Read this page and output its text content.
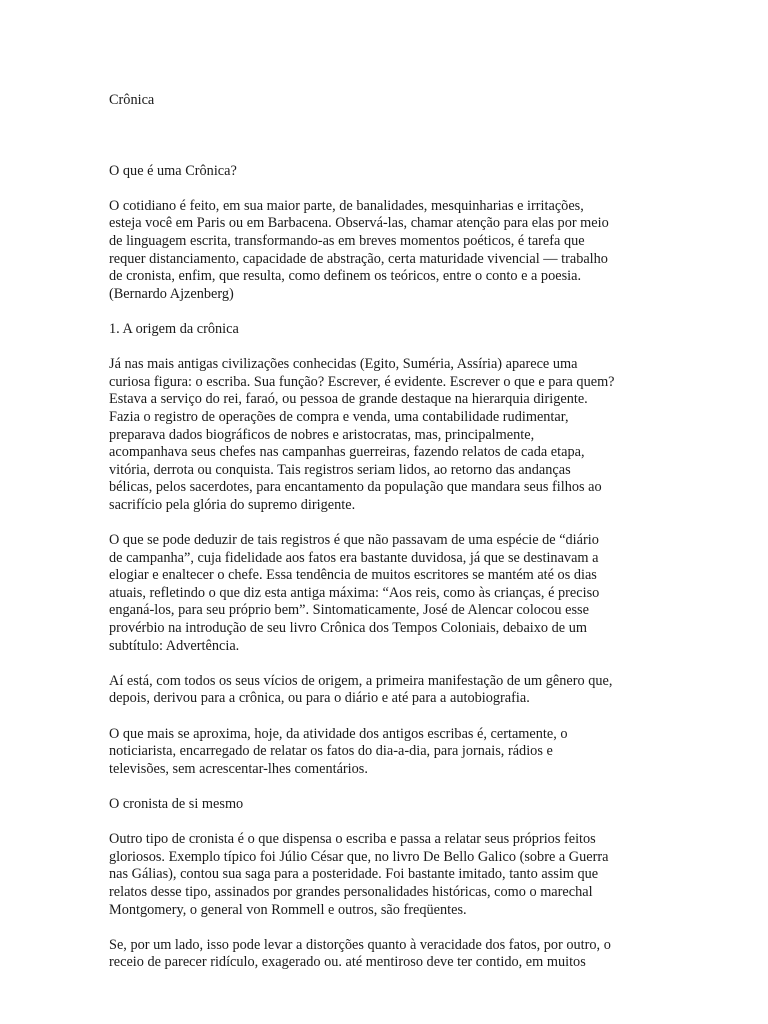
Crônica

O que é uma Crônica?
O cotidiano é feito, em sua maior parte, de banalidades, mesquinharias e irritações,
esteja você em Paris ou em Barbacena. Observá-las, chamar atenção para elas por meio
de linguagem escrita, transformando-as em breves momentos poéticos, é tarefa que
requer distanciamento, capacidade de abstração, certa maturidade vivencial — trabalho
de cronista, enfim, que resulta, como definem os teóricos, entre o conto e a poesia.
(Bernardo Ajzenberg)
1. A origem da crônica
Já nas mais antigas civilizações conhecidas (Egito, Suméria, Assíria) aparece uma
curiosa figura: o escriba. Sua função? Escrever, é evidente. Escrever o que e para quem?
Estava a serviço do rei, faraó, ou pessoa de grande destaque na hierarquia dirigente.
Fazia o registro de operações de compra e venda, uma contabilidade rudimentar,
preparava dados biográficos de nobres e aristocratas, mas, principalmente,
acompanhava seus chefes nas campanhas guerreiras, fazendo relatos de cada etapa,
vitória, derrota ou conquista. Tais registros seriam lidos, ao retorno das andanças
bélicas, pelos sacerdotes, para encantamento da população que mandara seus filhos ao
sacrifício pela glória do supremo dirigente.
O que se pode deduzir de tais registros é que não passavam de uma espécie de “diário
de campanha”, cuja fidelidade aos fatos era bastante duvidosa, já que se destinavam a
elogiar e enaltecer o chefe. Essa tendência de muitos escritores se mantém até os dias
atuais, refletindo o que diz esta antiga máxima: “Aos reis, como às crianças, é preciso
enganá-los, para seu próprio bem”. Sintomaticamente, José de Alencar colocou esse
provérbio na introdução de seu livro Crônica dos Tempos Coloniais, debaixo de um
subtítulo: Advertência.
Aí está, com todos os seus vícios de origem, a primeira manifestação de um gênero que,
depois, derivou para a crônica, ou para o diário e até para a autobiografia.
O que mais se aproxima, hoje, da atividade dos antigos escribas é, certamente, o
noticiarista, encarregado de relatar os fatos do dia-a-dia, para jornais, rádios e
televisões, sem acrescentar-lhes comentários.
O cronista de si mesmo
Outro tipo de cronista é o que dispensa o escriba e passa a relatar seus próprios feitos
gloriosos. Exemplo típico foi Júlio César que, no livro De Bello Galico (sobre a Guerra
nas Gálias), contou sua saga para a posteridade. Foi bastante imitado, tanto assim que
relatos desse tipo, assinados por grandes personalidades históricas, como o marechal
Montgomery, o general von Rommell e outros, são freqüentes.
Se, por um lado, isso pode levar a distorções quanto à veracidade dos fatos, por outro, o
receio de parecer ridículo, exagerado ou. até mentiroso deve ter contido, em muitos
